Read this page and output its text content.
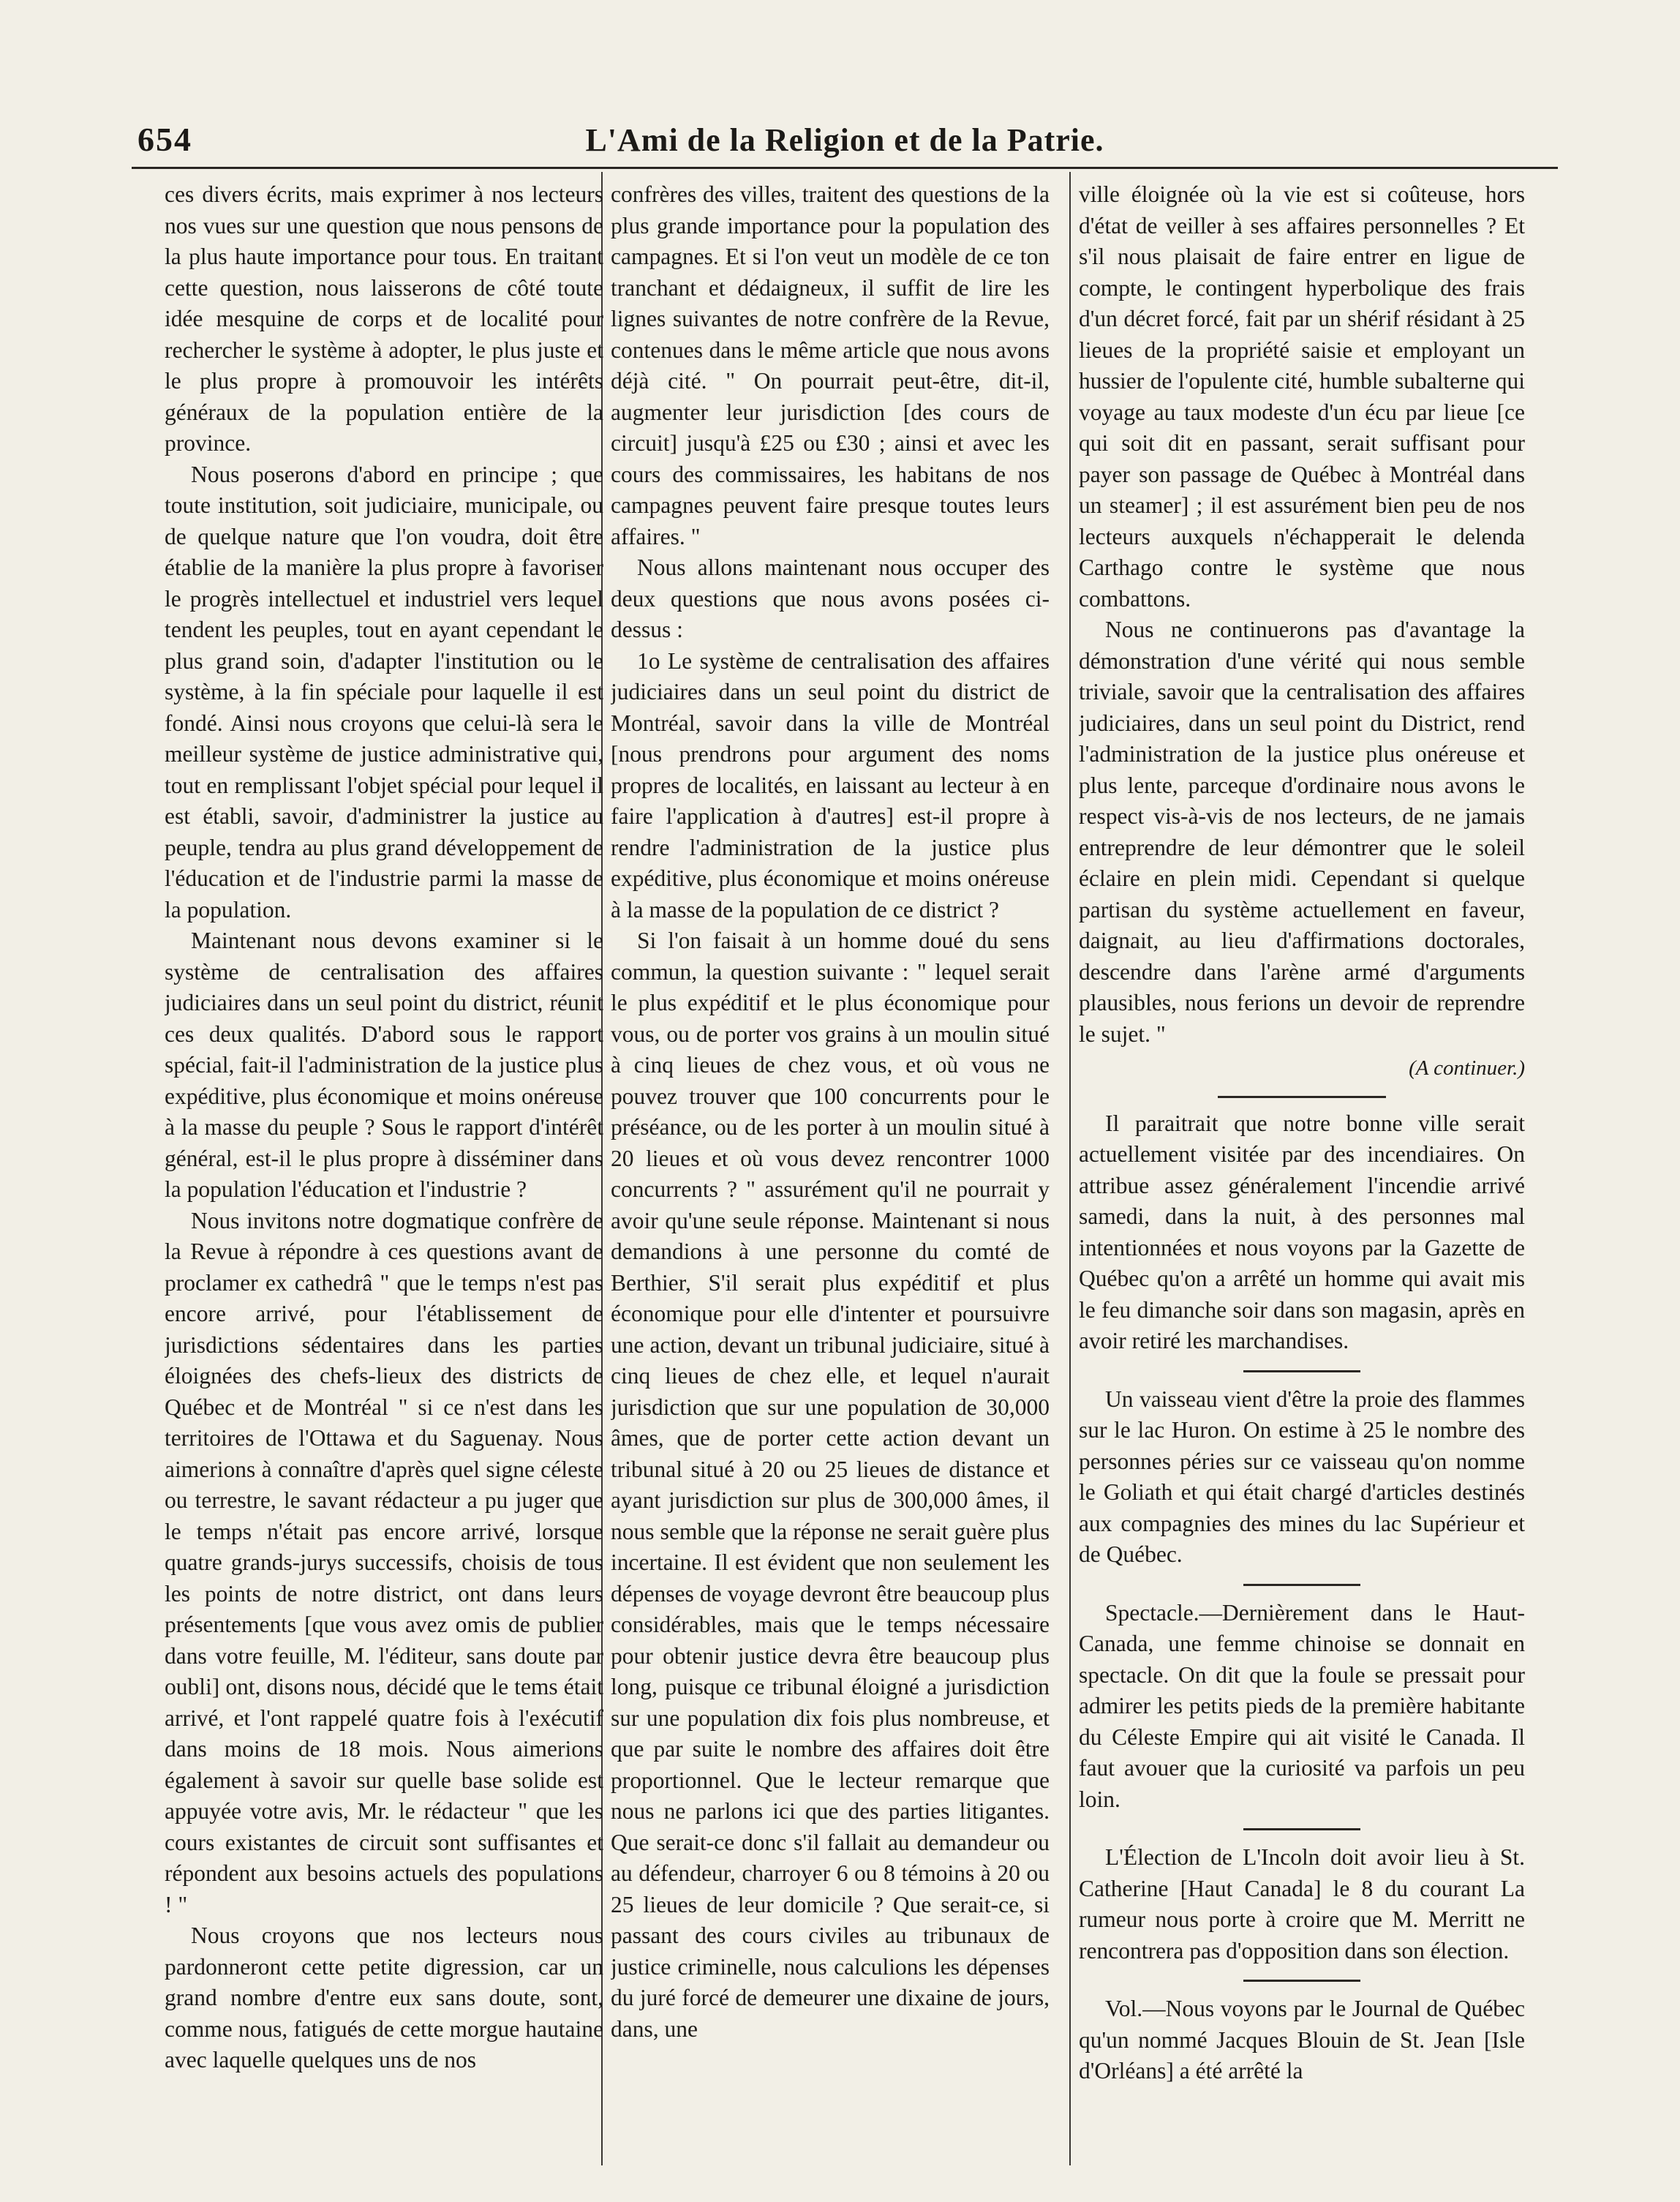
654	L'Ami de la Religion et de la Patrie.

ces divers écrits, mais exprimer à nos lecteurs nos vues sur une question que nous pensons de la plus haute importance pour tous. En traitant cette question, nous laisserons de côté toute idée mesquine de corps et de localité pour rechercher le système à adopter, le plus juste et le plus propre à promouvoir les intérêts généraux de la population entière de la province.

Nous poserons d'abord en principe ; que toute institution, soit judiciaire, municipale, ou de quelque nature que l'on voudra, doit être établie de la manière la plus propre à favoriser le progrès intellectuel et industriel vers lequel tendent les peuples, tout en ayant cependant le plus grand soin, d'adapter l'institution ou le système, à la fin spéciale pour laquelle il est fondé. Ainsi nous croyons que celui-là sera le meilleur système de justice administrative qui, tout en remplissant l'objet spécial pour lequel il est établi, savoir, d'administrer la justice au peuple, tendra au plus grand développement de l'éducation et de l'industrie parmi la masse de la population.

Maintenant nous devons examiner si le système de centralisation des affaires judiciaires dans un seul point du district, réunit ces deux qualités. D'abord sous le rapport spécial, fait-il l'administration de la justice plus expéditive, plus économique et moins onéreuse à la masse du peuple ? Sous le rapport d'intérêt général, est-il le plus propre à disséminer dans la population l'éducation et l'industrie ?

Nous invitons notre dogmatique confrère de la Revue à répondre à ces questions avant de proclamer ex cathedrâ " que le temps n'est pas encore arrivé, pour l'établissement de jurisdictions sédentaires dans les parties éloignées des chefs-lieux des districts de Québec et de Montréal " si ce n'est dans les territoires de l'Ottawa et du Saguenay. Nous aimerions à connaître d'après quel signe céleste ou terrestre, le savant rédacteur a pu juger que le temps n'était pas encore arrivé, lorsque quatre grands-jurys successifs, choisis de tous les points de notre district, ont dans leurs présentements [que vous avez omis de publier dans votre feuille, M. l'éditeur, sans doute par oubli] ont, disons nous, décidé que le tems était arrivé, et l'ont rappelé quatre fois à l'exécutif dans moins de 18 mois. Nous aimerions également à savoir sur quelle base solide est appuyée votre avis, Mr. le rédacteur " que les cours existantes de circuit sont suffisantes et répondent aux besoins actuels des populations ! "

Nous croyons que nos lecteurs nous pardonneront cette petite digression, car un grand nombre d'entre eux sans doute, sont, comme nous, fatigués de cette morgue hautaine avec laquelle quelques uns de nos

confrères des villes, traitent des questions de la plus grande importance pour la population des campagnes. Et si l'on veut un modèle de ce ton tranchant et dédaigneux, il suffit de lire les lignes suivantes de notre confrère de la Revue, contenues dans le même article que nous avons déjà cité. " On pourrait peut-être, dit-il, augmenter leur jurisdiction [des cours de circuit] jusqu'à £25 ou £30 ; ainsi et avec les cours des commissaires, les habitans de nos campagnes peuvent faire presque toutes leurs affaires. "

Nous allons maintenant nous occuper des deux questions que nous avons posées ci-dessus :

1o Le système de centralisation des affaires judiciaires dans un seul point du district de Montréal, savoir dans la ville de Montréal [nous prendrons pour argument des noms propres de localités, en laissant au lecteur à en faire l'application à d'autres] est-il propre à rendre l'administration de la justice plus expéditive, plus économique et moins onéreuse à la masse de la population de ce district ?

Si l'on faisait à un homme doué du sens commun, la question suivante : " lequel serait le plus expéditif et le plus économique pour vous, ou de porter vos grains à un moulin situé à cinq lieues de chez vous, et où vous ne pouvez trouver que 100 concurrents pour le préséance, ou de les porter à un moulin situé à 20 lieues et où vous devez rencontrer 1000 concurrents ? " assurément qu'il ne pourrait y avoir qu'une seule réponse. Maintenant si nous demandions à une personne du comté de Berthier, S'il serait plus expéditif et plus économique pour elle d'intenter et poursuivre une action, devant un tribunal judiciaire, situé à cinq lieues de chez elle, et lequel n'aurait jurisdiction que sur une population de 30,000 âmes, que de porter cette action devant un tribunal situé à 20 ou 25 lieues de distance et ayant jurisdiction sur plus de 300,000 âmes, il nous semble que la réponse ne serait guère plus incertaine. Il est évident que non seulement les dépenses de voyage devront être beaucoup plus considérables, mais que le temps nécessaire pour obtenir justice devra être beaucoup plus long, puisque ce tribunal éloigné a jurisdiction sur une population dix fois plus nombreuse, et que par suite le nombre des affaires doit être proportionnel. Que le lecteur remarque que nous ne parlons ici que des parties litigantes. Que serait-ce donc s'il fallait au demandeur ou au défendeur, charroyer 6 ou 8 témoins à 20 ou 25 lieues de leur domicile ? Que serait-ce, si passant des cours civiles au tribunaux de justice criminelle, nous calculions les dépenses du juré forcé de demeurer une dixaine de jours, dans, une

ville éloignée où la vie est si coûteuse, hors d'état de veiller à ses affaires personnelles ? Et s'il nous plaisait de faire entrer en ligue de compte, le contingent hyperbolique des frais d'un décret forcé, fait par un shérif résidant à 25 lieues de la propriété saisie et employant un hussier de l'opulente cité, humble subalterne qui voyage au taux modeste d'un écu par lieue [ce qui soit dit en passant, serait suffisant pour payer son passage de Québec à Montréal dans un steamer] ; il est assurément bien peu de nos lecteurs auxquels n'échapperait le delenda Carthago contre le système que nous combattons.

Nous ne continuerons pas d'avantage la démonstration d'une vérité qui nous semble triviale, savoir que la centralisation des affaires judiciaires, dans un seul point du District, rend l'administration de la justice plus onéreuse et plus lente, parceque d'ordinaire nous avons le respect vis-à-vis de nos lecteurs, de ne jamais entreprendre de leur démontrer que le soleil éclaire en plein midi. Cependant si quelque partisan du système actuellement en faveur, daignait, au lieu d'affirmations doctorales, descendre dans l'arène armé d'arguments plausibles, nous ferions un devoir de reprendre le sujet. "

(A continuer.)

Il paraitrait que notre bonne ville serait actuellement visitée par des incendiaires. On attribue assez généralement l'incendie arrivé samedi, dans la nuit, à des personnes mal intentionnées et nous voyons par la Gazette de Québec qu'on a arrêté un homme qui avait mis le feu dimanche soir dans son magasin, après en avoir retiré les marchandises.

Un vaisseau vient d'être la proie des flammes sur le lac Huron. On estime à 25 le nombre des personnes péries sur ce vaisseau qu'on nomme le Goliath et qui était chargé d'articles destinés aux compagnies des mines du lac Supérieur et de Québec.

Spectacle.—Dernièrement dans le Haut-Canada, une femme chinoise se donnait en spectacle. On dit que la foule se pressait pour admirer les petits pieds de la première habitante du Céleste Empire qui ait visité le Canada. Il faut avouer que la curiosité va parfois un peu loin.

L'Élection de L'Incoln doit avoir lieu à St. Catherine [Haut Canada] le 8 du courant La rumeur nous porte à croire que M. Merritt ne rencontrera pas d'opposition dans son élection.

Vol.—Nous voyons par le Journal de Québec qu'un nommé Jacques Blouin de St. Jean [Isle d'Orléans] a été arrêté la
